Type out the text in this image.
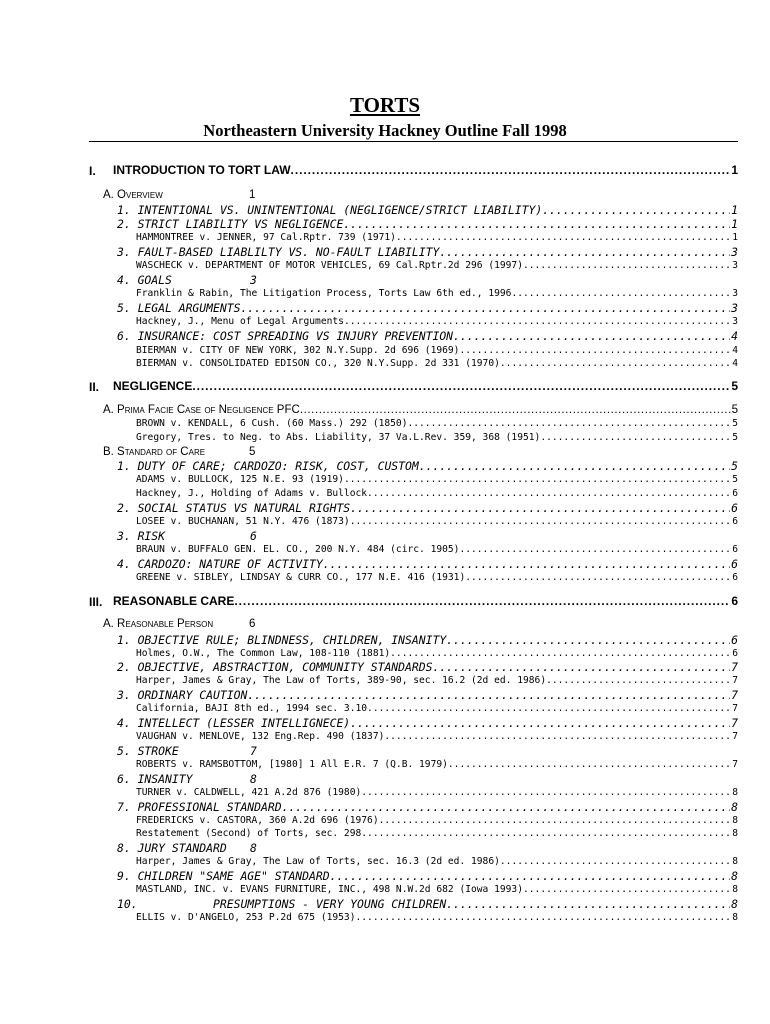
TORTS
Northeastern University Hackney Outline Fall 1998
I. INTRODUCTION TO TORT LAW . . .	1
A. Overview	1
1. INTENTIONAL VS. UNINTENTIONAL (NEGLIGENCE/STRICT LIABILITY) .....	1
2. STRICT LIABILITY VS NEGLIGENCE .....	1
HAMMONTREE v. JENNER, 97 Cal.Rptr. 739 (1971) .....	1
3. FAULT-BASED LIABLILTY VS. NO-FAULT LIABILITY .....	3
WASCHECK v. DEPARTMENT OF MOTOR VEHICLES, 69 Cal.Rptr.2d 296 (1997) .....	3
4. GOALS	3
Franklin & Rabin, The Litigation Process, Torts Law 6th ed., 1996 .....	3
5. LEGAL ARGUMENTS .....	3
Hackney, J., Menu of Legal Arguments .....	3
6. INSURANCE: COST SPREADING VS INJURY PREVENTION .....	4
BIERMAN v. CITY OF NEW YORK, 302 N.Y.Supp. 2d 696 (1969) .....	4
BIERMAN v. CONSOLIDATED EDISON CO., 320 N.Y.Supp. 2d 331 (1970) .....	4
II. NEGLIGENCE . . .	5
A. Prima Facie Case of Negligence PFC . . .	5
BROWN v. KENDALL, 6 Cush. (60 Mass.) 292 (1850) .....	5
Gregory, Tres. to Neg. to Abs. Liability, 37 Va.L.Rev. 359, 368 (1951) .....	5
B. Standard of Care	5
1. DUTY OF CARE; CARDOZO: RISK, COST, CUSTOM .....	5
ADAMS v. BULLOCK, 125 N.E. 93 (1919) .....	5
Hackney, J., Holding of Adams v. Bullock .....	6
2. SOCIAL STATUS VS NATURAL RIGHTS .....	6
LOSEE v. BUCHANAN, 51 N.Y. 476 (1873) .....	6
3. RISK	6
BRAUN v. BUFFALO GEN. EL. CO., 200 N.Y. 484 (circ. 1905) .....	6
4. CARDOZO: NATURE OF ACTIVITY .....	6
GREENE v. SIBLEY, LINDSAY & CURR CO., 177 N.E. 416 (1931) .....	6
III. REASONABLE CARE . . .	6
A. Reasonable Person	6
1. OBJECTIVE RULE; BLINDNESS, CHILDREN, INSANITY .....	6
Holmes, O.W., The Common Law, 108-110 (1881) .....	6
2. OBJECTIVE, ABSTRACTION, COMMUNITY STANDARDS .....	7
Harper, James & Gray, The Law of Torts, 389-90, sec. 16.2 (2d ed. 1986) .....	7
3. ORDINARY CAUTION .....	7
California, BAJI 8th ed., 1994 sec. 3.10 .....	7
4. INTELLECT (LESSER INTELLIGNECE) .....	7
VAUGHAN v. MENLOVE, 132 Eng.Rep. 490 (1837) .....	7
5. STROKE	7
ROBERTS v. RAMSBOTTOM, [1980] 1 All E.R. 7 (Q.B. 1979) .....	7
6. INSANITY	8
TURNER v. CALDWELL, 421 A.2d 876 (1980) .....	8
7. PROFESSIONAL STANDARD .....	8
FREDERICKS v. CASTORA, 360 A.2d 696 (1976) .....	8
Restatement (Second) of Torts, sec. 298 .....	8
8. JURY STANDARD 8
Harper, James & Gray, The Law of Torts, sec. 16.3 (2d ed. 1986) .....	8
9. CHILDREN "SAME AGE" STANDARD .....	8
MASTLAND, INC. v. EVANS FURNITURE, INC., 498 N.W.2d 682 (Iowa 1993) .....	8
10.           PRESUMPTIONS - VERY YOUNG CHILDREN .....	8
ELLIS v. D'ANGELO, 253 P.2d 675 (1953) .....	8
